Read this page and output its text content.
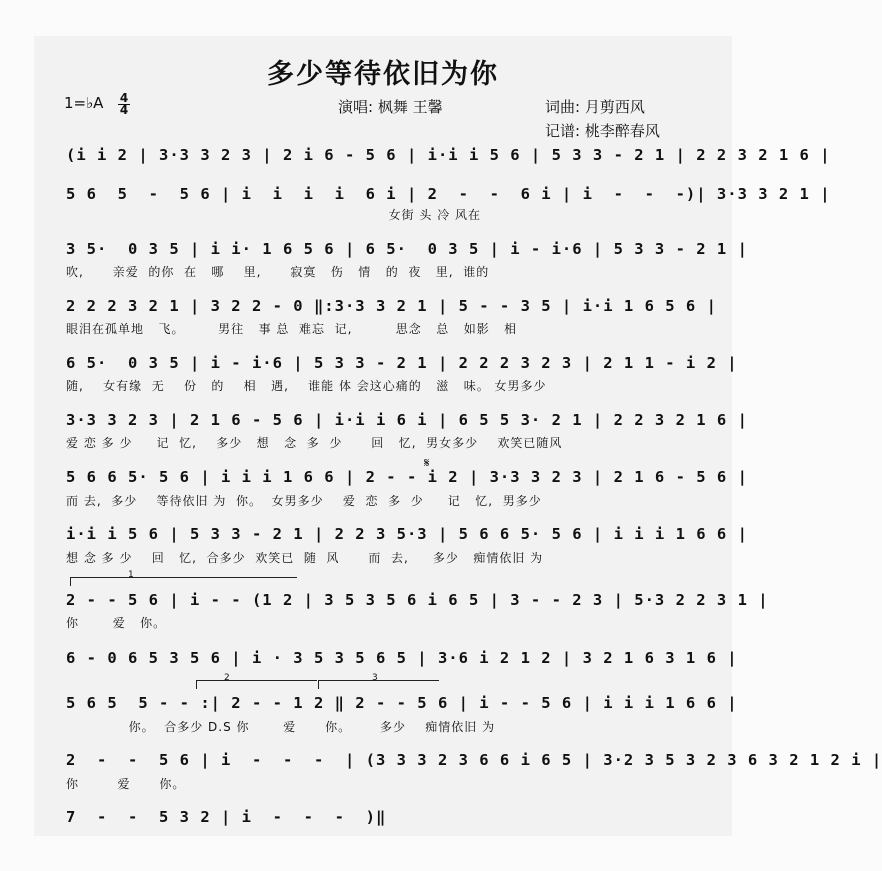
多少等待依旧为你
1=♭A 4
4	演唱: 枫舞 王馨	词曲: 月剪西风
记谱: 桃李醉春风
(i i 2 | 3·3 3 2 3 | 2 i 6 - 5 6 | i·i i 5 6 | 5 3 3 - 2 1 | 2 2 3 2 1 6 |
5 6  5  -  5 6 | i  i  i  i  6 i | 2  -  -  6 i | i  -  -  -)| 3·3 3 2 1 |
女街 头 冷 风在
3 5·  0 3 5 | i i· 1 6 5 6 | 6 5·  0 3 5 | i - i·6 | 5 3 3 - 2 1 |
吹,      亲爱  的你  在   哪    里,      寂寞   伤   情   的  夜   里,  谁的
2 2 2 3 2 1 | 3 2 2 - 0 ‖:3·3 3 2 1 | 5 - - 3 5 | i·i 1 6 5 6 |
眼泪在孤单地   飞。       男往   事 总  难忘  记,         思念   总   如影   相
6 5·  0 3 5 | i - i·6 | 5 3 3 - 2 1 | 2 2 2 3 2 3 | 2 1 1 - i 2 |
随,    女有缘  无    份   的    相   遇,    谁能 体 会这心痛的   滋   味。 女男多少
3·3 3 2 3 | 2 1 6 - 5 6 | i·i i 6 i | 6 5 5 3· 2 1 | 2 2 3 2 1 6 |
爱 恋 多 少     记  忆,    多少   想   念  多  少      回   忆,  男女多少    欢笑已随风
5 6 6 5· 5 6 | i i i 1 6 6 | 2 - - i 2 | 3·3 3 2 3 | 2 1 6 - 5 6 |
而 去,  多少    等待依旧 为  你。  女男多少    爱  恋  多  少     记   忆,  男多少
i·i i 5 6 | 5 3 3 - 2 1 | 2 2 3 5·3 | 5 6 6 5· 5 6 | i i i 1 6 6 |
想 念 多 少    回   忆,  合多少  欢笑已  随  风      而  去,     多少   痴情依旧 为
2 - - 5 6 | i - - (1 2 | 3 5 3 5 6 i 6 5 | 3 - - 2 3 | 5·3 2 2 3 1 |
你       爱   你。
6 - 0 6 5 3 5 6 | i · 3 5 3 5 6 5 | 3·6 i 2 1 2 | 3 2 1 6 3 1 6 |
5 6 5  5 - - :| 2 - - 1 2 ‖ 2 - - 5 6 | i - - 5 6 | i i i 1 6 6 |
你。  合多少 D.S 你       爱      你。      多少    痴情依旧 为
2  -  -  5 6 | i  -  -  -  | (3 3 3 2 3 6 6 i 6 5 | 3·2 3 5 3 2 3 6 3 2 1 2 i |
你        爱      你。
7  -  -  5 3 2 | i  -  -  -  )‖
1
2	3
𝄋
